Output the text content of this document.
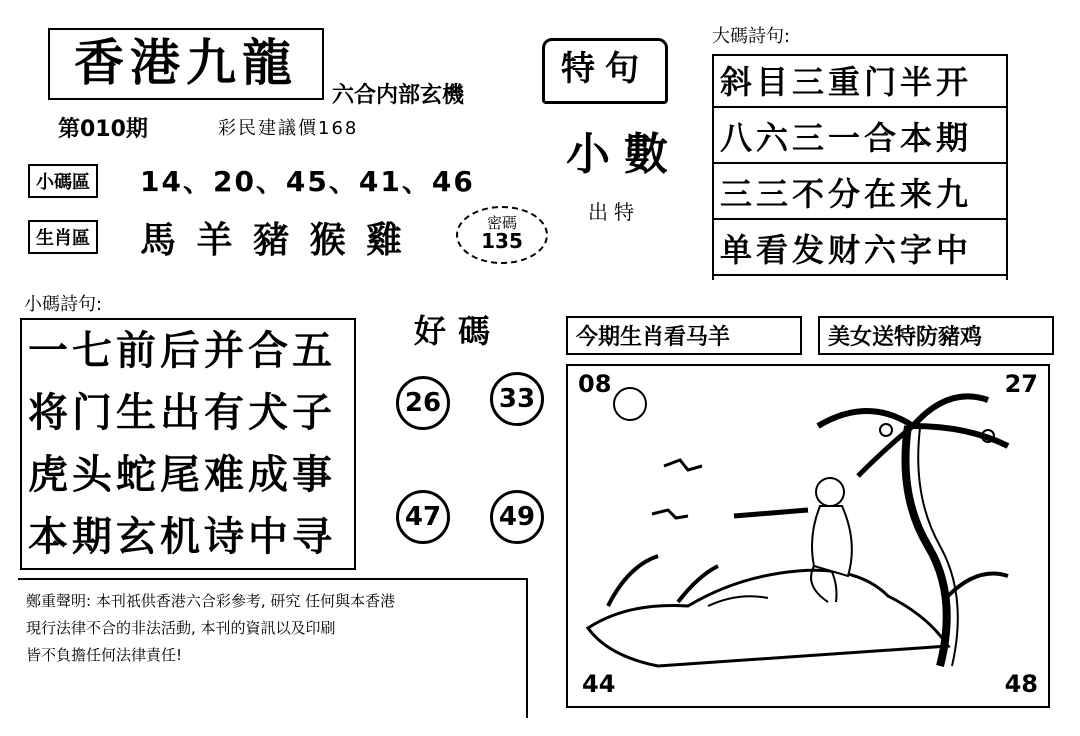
香港九龍
六合内部玄機
第010期	彩民建議價168
小碼區 14、20、45、41、46
生肖區 馬 羊 豬 猴 雞
特句
小數
出特
密碼
135
大碼詩句:
斜目三重门半开
八六三一合本期
三三不分在来九
单看发财六字中
小碼詩句:
一七前后并合五
将门生出有犬子
虎头蛇尾难成事
本期玄机诗中寻
好碼
26	33
47	49
今期生肖看马羊	美女送特防豬鸡
08	27
44	48
鄭重聲明: 本刊祇供香港六合彩參考, 研究 任何與本香港
現行法律不合的非法活動, 本刊的資訊以及印刷
皆不負擔任何法律責任!
